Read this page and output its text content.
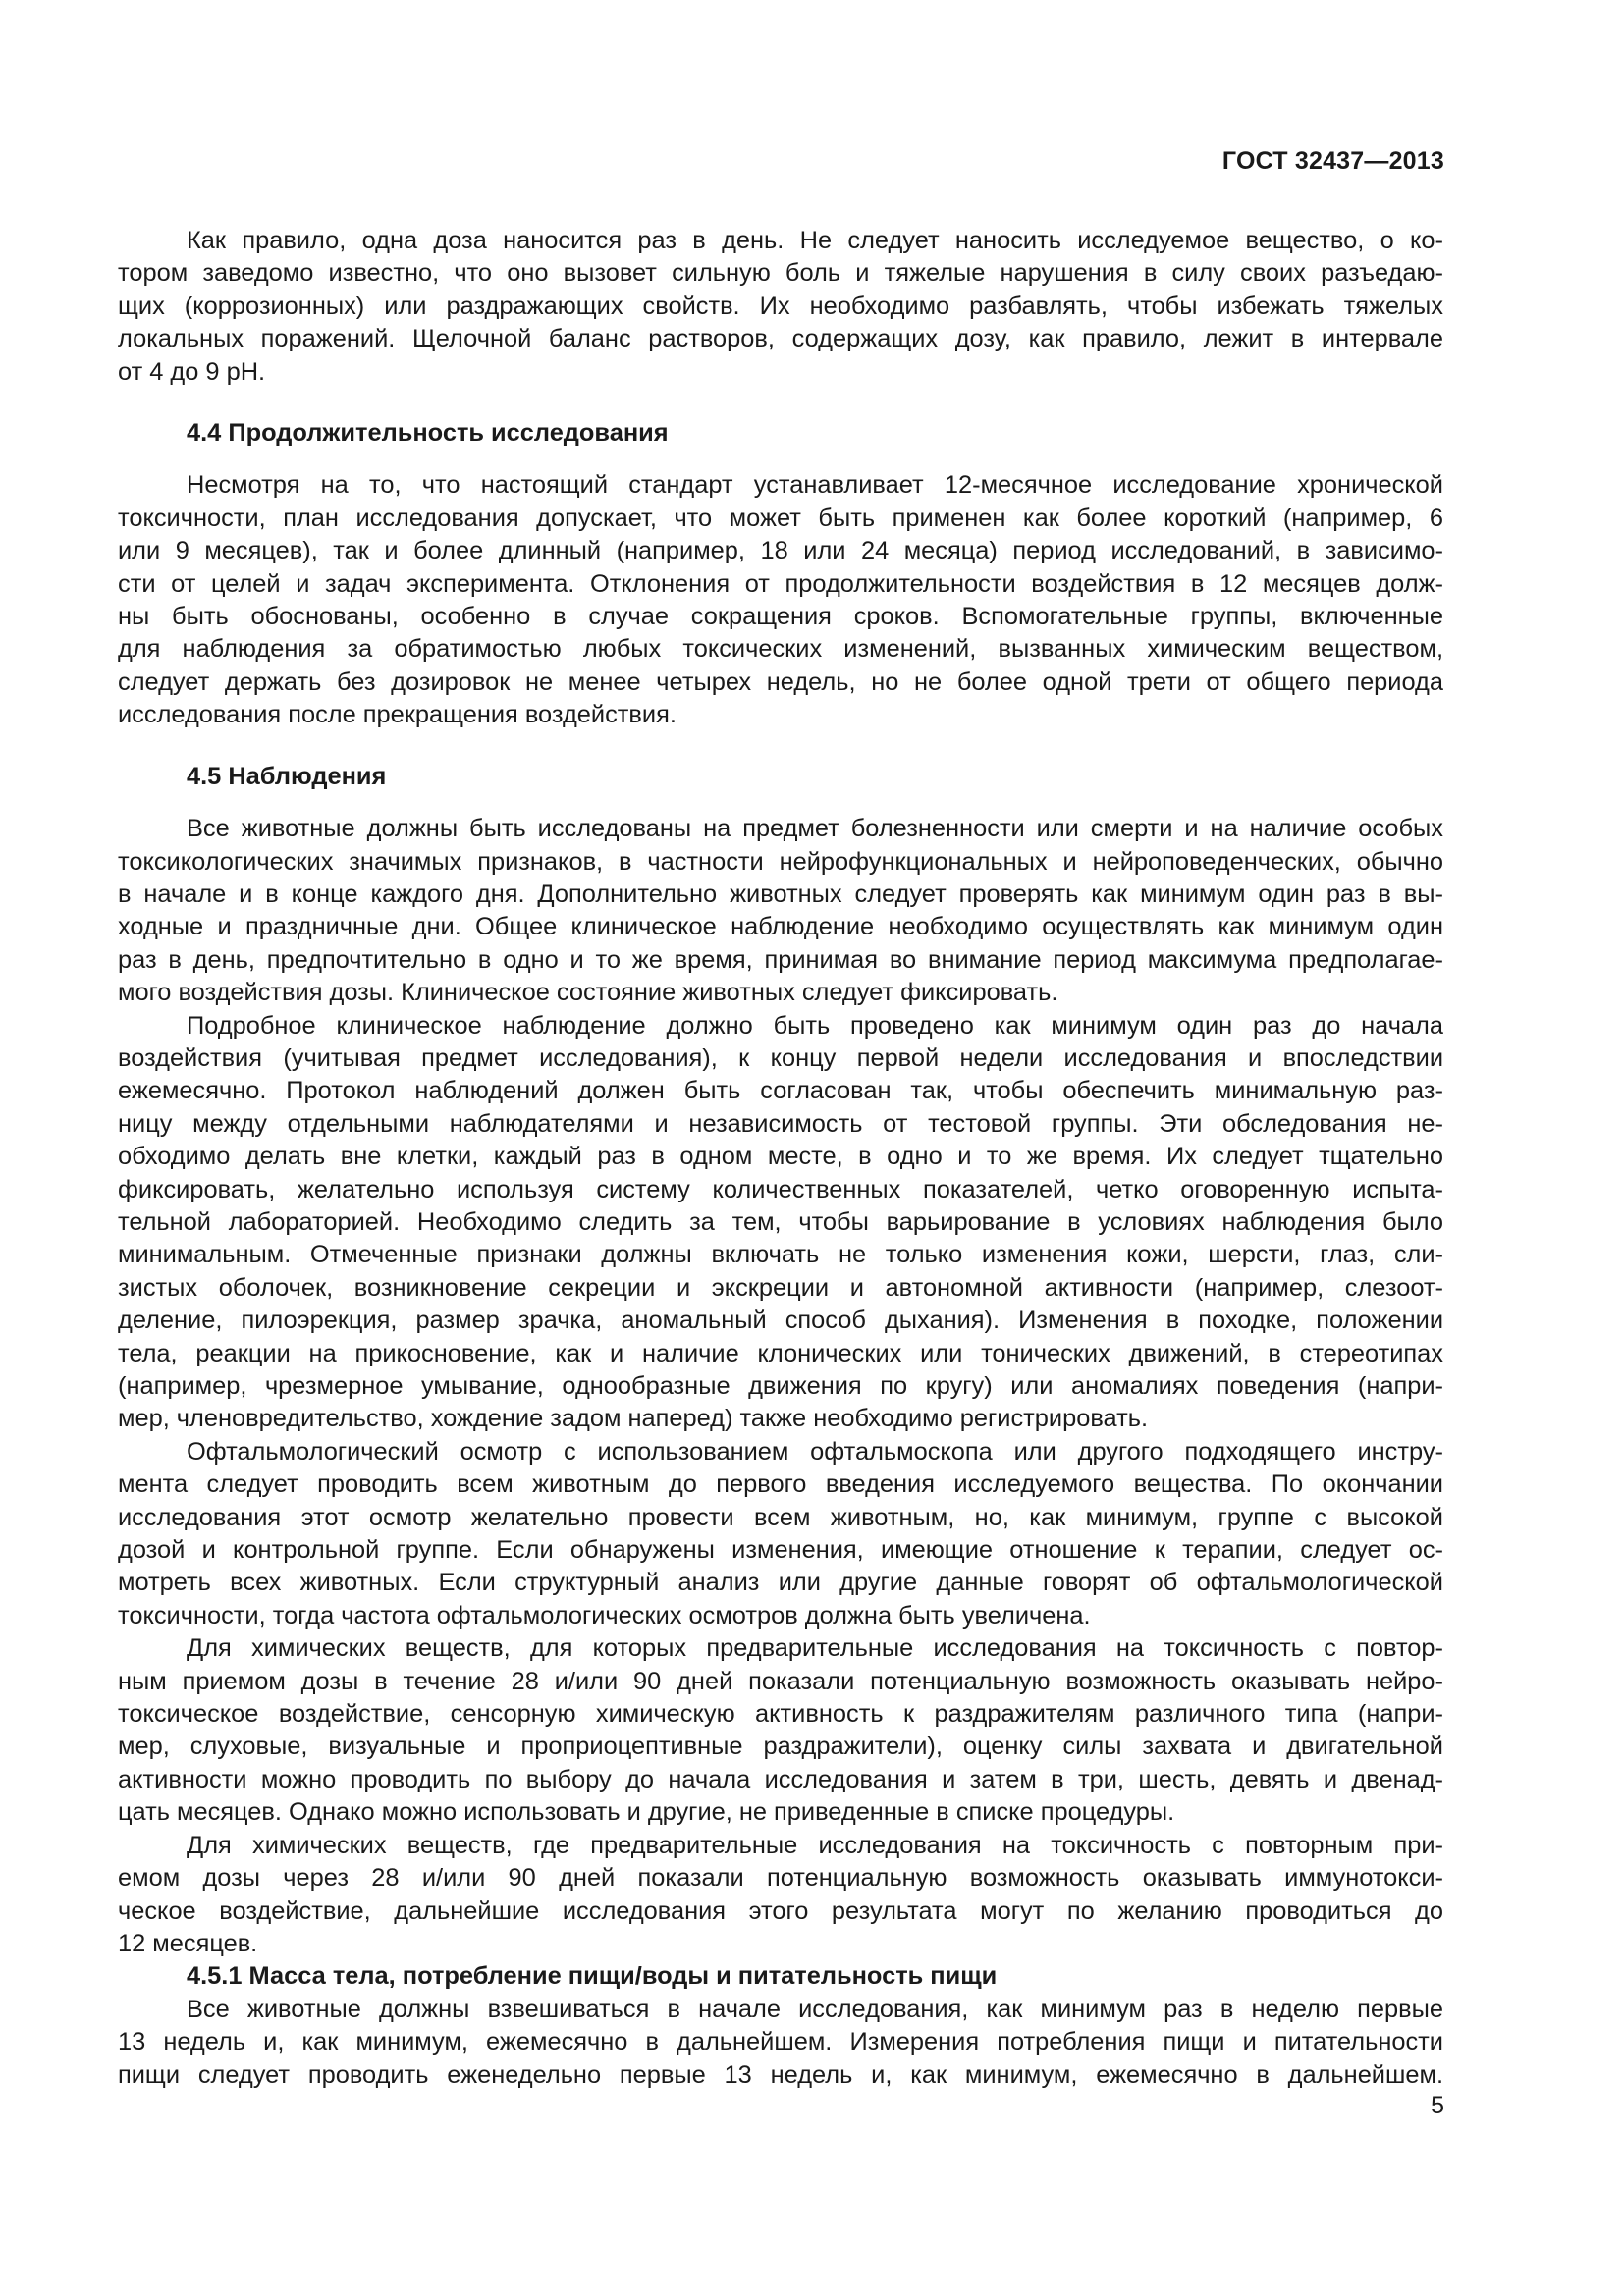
ГОСТ 32437—2013
Как правило, одна доза наносится раз в день. Не следует наносить исследуемое вещество, о ко-
тором заведомо известно, что оно вызовет сильную боль и тяжелые нарушения в силу своих разъедаю-
щих (коррозионных) или раздражающих свойств. Их необходимо разбавлять, чтобы избежать тяжелых
локальных поражений. Щелочной баланс растворов, содержащих дозу, как правило, лежит в интервале
от 4 до 9 pH.
4.4 Продолжительность исследования
Несмотря на то, что настоящий стандарт устанавливает 12-месячное исследование хронической
токсичности, план исследования допускает, что может быть применен как более короткий (например, 6
или 9 месяцев), так и более длинный (например, 18 или 24 месяца) период исследований, в зависимо-
сти от целей и задач эксперимента. Отклонения от продолжительности воздействия в 12 месяцев долж-
ны быть обоснованы, особенно в случае сокращения сроков. Вспомогательные группы, включенные
для наблюдения за обратимостью любых токсических изменений, вызванных химическим веществом,
следует держать без дозировок не менее четырех недель, но не более одной трети от общего периода
исследования после прекращения воздействия.
4.5 Наблюдения
Все животные должны быть исследованы на предмет болезненности или смерти и на наличие особых
токсикологических значимых признаков, в частности нейрофункциональных и нейроповеденческих, обычно
в начале и в конце каждого дня. Дополнительно животных следует проверять как минимум один раз в вы-
ходные и праздничные дни. Общее клиническое наблюдение необходимо осуществлять как минимум один
раз в день, предпочтительно в одно и то же время, принимая во внимание период максимума предполагае-
мого воздействия дозы. Клиническое состояние животных следует фиксировать.
Подробное клиническое наблюдение должно быть проведено как минимум один раз до начала
воздействия (учитывая предмет исследования), к концу первой недели исследования и впоследствии
ежемесячно. Протокол наблюдений должен быть согласован так, чтобы обеспечить минимальную раз-
ницу между отдельными наблюдателями и независимость от тестовой группы. Эти обследования не-
обходимо делать вне клетки, каждый раз в одном месте, в одно и то же время. Их следует тщательно
фиксировать, желательно используя систему количественных показателей, четко оговоренную испыта-
тельной лабораторией. Необходимо следить за тем, чтобы варьирование в условиях наблюдения было
минимальным. Отмеченные признаки должны включать не только изменения кожи, шерсти, глаз, сли-
зистых оболочек, возникновение секреции и экскреции и автономной активности (например, слезоот-
деление, пилоэрекция, размер зрачка, аномальный способ дыхания). Изменения в походке, положении
тела, реакции на прикосновение, как и наличие клонических или тонических движений, в стереотипах
(например, чрезмерное умывание, однообразные движения по кругу) или аномалиях поведения (напри-
мер, членовредительство, хождение задом наперед) также необходимо регистрировать.
Офтальмологический осмотр с использованием офтальмоскопа или другого подходящего инстру-
мента следует проводить всем животным до первого введения исследуемого вещества. По окончании
исследования этот осмотр желательно провести всем животным, но, как минимум, группе с высокой
дозой и контрольной группе. Если обнаружены изменения, имеющие отношение к терапии, следует ос-
мотреть всех животных. Если структурный анализ или другие данные говорят об офтальмологической
токсичности, тогда частота офтальмологических осмотров должна быть увеличена.
Для химических веществ, для которых предварительные исследования на токсичность с повтор-
ным приемом дозы в течение 28 и/или 90 дней показали потенциальную возможность оказывать нейро-
токсическое воздействие, сенсорную химическую активность к раздражителям различного типа (напри-
мер, слуховые, визуальные и проприоцептивные раздражители), оценку силы захвата и двигательной
активности можно проводить по выбору до начала исследования и затем в три, шесть, девять и двенад-
цать месяцев. Однако можно использовать и другие, не приведенные в списке процедуры.
Для химических веществ, где предварительные исследования на токсичность с повторным при-
емом дозы через 28 и/или 90 дней показали потенциальную возможность оказывать иммунотокси-
ческое воздействие, дальнейшие исследования этого результата могут по желанию проводиться до
12 месяцев.
4.5.1 Масса тела, потребление пищи/воды и питательность пищи
Все животные должны взвешиваться в начале исследования, как минимум раз в неделю первые
13 недель и, как минимум, ежемесячно в дальнейшем. Измерения потребления пищи и питательности
пищи следует проводить еженедельно первые 13 недель и, как минимум, ежемесячно в дальнейшем.
5
